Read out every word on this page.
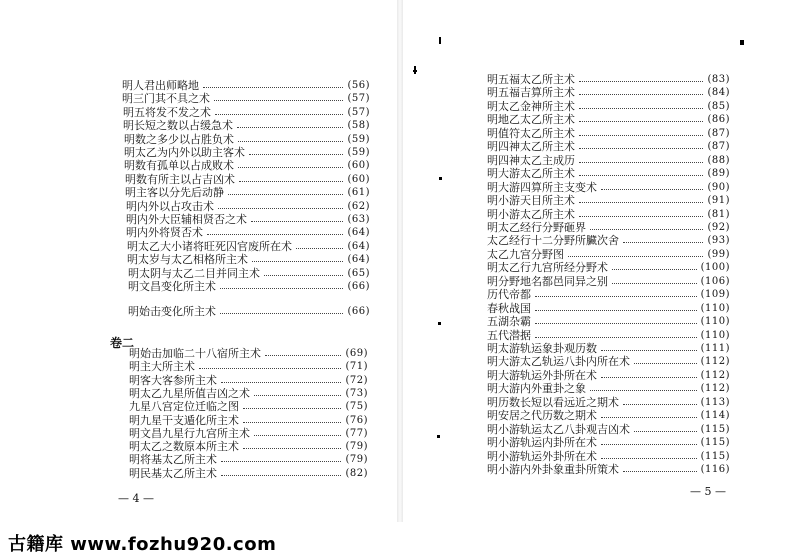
明人君出师略地	(56)
明三门其不具之术	(57)
明五将发不发之术	(57)
明长短之数以占缓急术	(58)
明数之多少以占胜负术	(59)
明太乙为内外以助主客术	(59)
明数有孤单以占成败术	(60)
明数有所主以占吉凶术	(60)
明主客以分先后动静	(61)
明内外以占攻击术	(62)
明内外大臣辅相贤否之术	(63)
明内外将贤否术	(64)
明太乙大小诸将旺死囚官废所在术	(64)
明太岁与太乙相格所主术	(64)
明太阴与太乙二目并同主术	(65)
明文昌变化所主术	(66)
明始击变化所主术	(66)
明始击加临二十八宿所主术	(69)
明主大所主术	(71)
明客大客参所主术	(72)
明太乙九星所值吉凶之术	(73)
九星八宫定位迁临之图	(75)
明九星干支遁化所主术	(76)
明文昌九星行九宫所主术	(77)
明太乙之数原本所主术	(79)
明将基太乙所主术	(79)
明民基太乙所主术	(82)
明五福太乙所主术	(83)
明五福吉算所主术	(84)
明太乙金神所主术	(85)
明地乙太乙所主术	(86)
明值符太乙所主术	(87)
明四神太乙所主术	(87)
明四神太乙主成历	(88)
明大游太乙所主术	(89)
明大游四算所主支变术	(90)
明小游天目所主术	(91)
明小游太乙所主术	(81)
明太乙经行分野砸界	(92)
太乙经行十二分野所臟次舍	(93)
太乙九宫分野图	(99)
明太乙行九宫所经分野术	(100)
明分野地名都邑同异之别	(106)
历代帝都	(109)
春秋战国	(110)
五湖杂霸	(110)
五代潜据	(110)
明太游轨运象卦观历数	(111)
明大游太乙轨运八卦内所在术	(112)
明大游轨运外卦所在术	(112)
明大游内外重卦之象	(112)
明历数长短以看远近之期术	(113)
明安居之代历数之期术	(114)
明小游轨运太乙八卦观吉凶术	(115)
明小游轨运内卦所在术	(115)
明小游轨运外卦所在术	(115)
明小游内外卦象重卦所策术	(116)
卷二
— 4 —
— 5 —
古籍库 www.fozhu920.com
